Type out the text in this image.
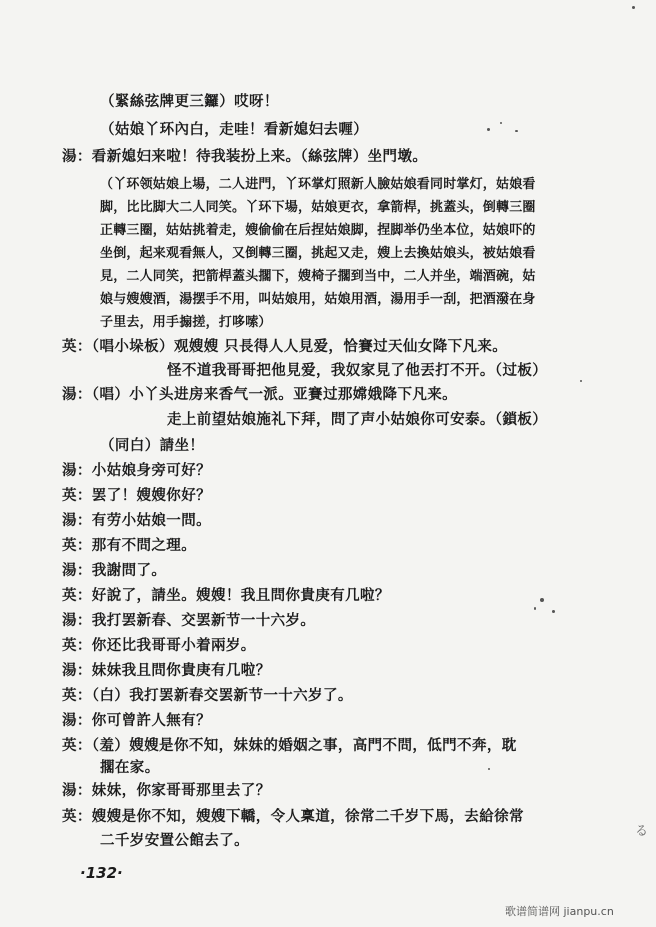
（緊絲弦牌更三鑼）哎呀！
（姑娘丫环內白，走哇！看新媳妇去喱）
湯：看新媳妇来啦！待我装扮上来。（絲弦牌）坐門墩。
（丫环领姑娘上場，二人进門，丫环掌灯照新人臉姑娘看同时掌灯，姑娘看
脚，比比脚大二人同笑。丫环下場，姑娘更衣，拿箭桿，挑蓋头，倒轉三圈
正轉三圈，姑姑挑着走，嫂偷偷在后捏姑娘脚，捏脚举仍坐本位，姑娘吓的
坐倒，起来观看無人，又倒轉三圈，挑起又走，嫂上去換姑娘头，被姑娘看
見，二人同笑，把箭桿蓋头擱下，嫂椅子擱到当中，二人并坐，端酒碗，姑
娘与嫂嫂酒，湯摆手不用，叫姑娘用，姑娘用酒，湯用手一刮，把酒潑在身
子里去，用手搧搓，打哆嗦）
英：（唱小垛板）观嫂嫂 只長得人人見爱，恰賽过天仙女降下凡来。
怪不道我哥哥把他見爱，我奴家見了他丟打不开。（过板）
湯：（唱）小丫头进房来香气一派。亚賽过那嫦娥降下凡来。
走上前望姑娘施礼下拜，問了声小姑娘你可安泰。（鎖板）
（同白）請坐！
湯：小姑娘身旁可好？
英：罢了！嫂嫂你好？
湯：有劳小姑娘一問。
英：那有不問之理。
湯：我謝問了。
英：好說了，請坐。嫂嫂！我且問你貴庚有几啦？
湯：我打罢新春、交罢新节一十六岁。
英：你还比我哥哥小着兩岁。
湯：妹妹我且問你貴庚有几啦？
英：（白）我打罢新春交罢新节一十六岁了。
湯：你可曾許人無有？
英：（羞）嫂嫂是你不知，妹妹的婚姻之事，高門不問，低門不奔，耽
擱在家。
湯：妹妹，你家哥哥那里去了？
英：嫂嫂是你不知，嫂嫂下轎，令人稟道，徐常二千岁下馬，去給徐常
二千岁安置公館去了。
·132·
歌谱简谱网 jianpu.cn
る
